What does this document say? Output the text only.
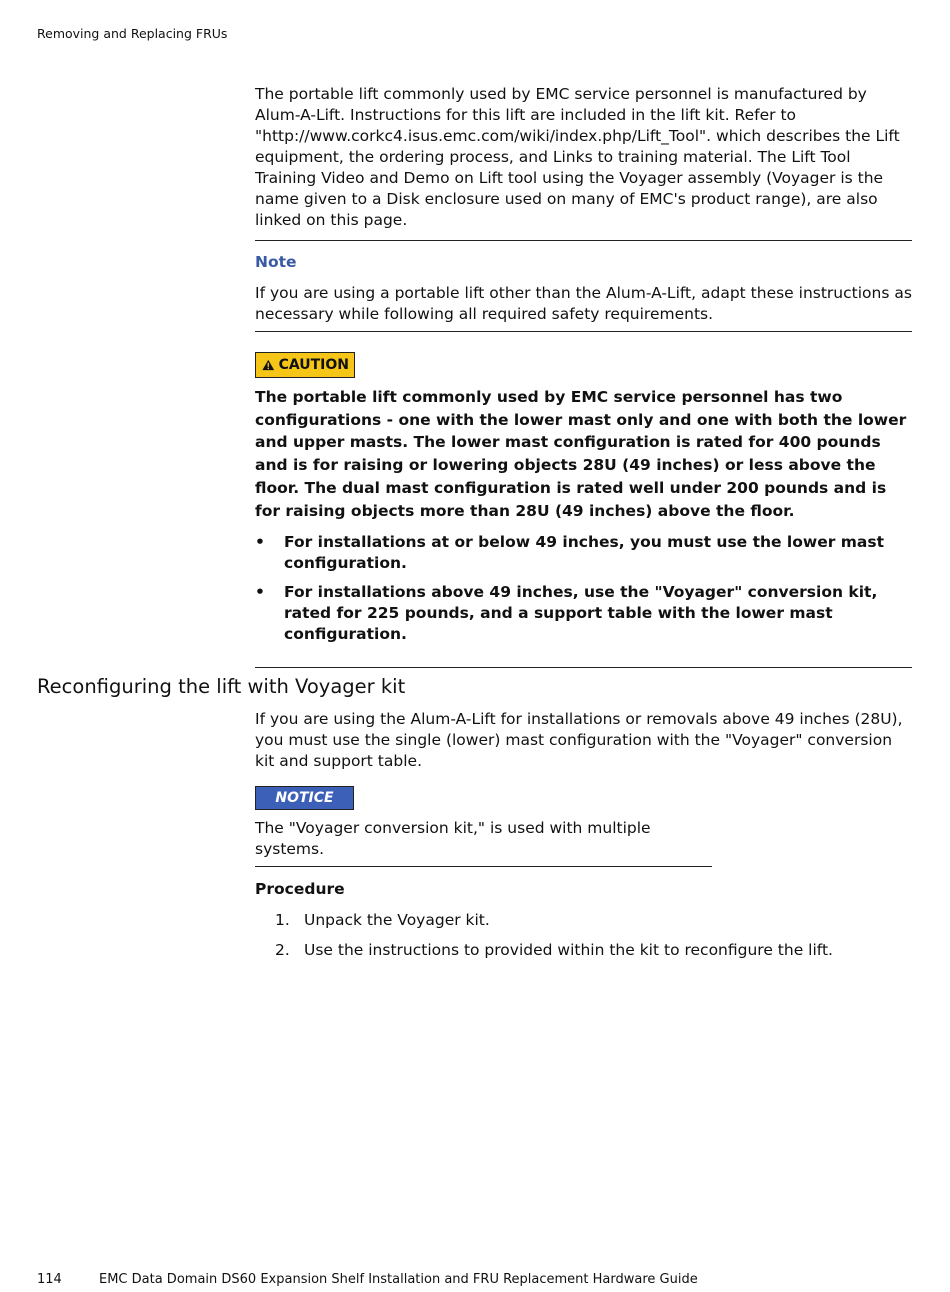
Removing and Replacing FRUs

The portable lift commonly used by EMC service personnel is manufactured by Alum-A-Lift. Instructions for this lift are included in the lift kit. Refer to "http://www.corkc4.isus.emc.com/wiki/index.php/Lift_Tool". which describes the Lift equipment, the ordering process, and Links to training material. The Lift Tool Training Video and Demo on Lift tool using the Voyager assembly (Voyager is the name given to a Disk enclosure used on many of EMC's product range), are also linked on this page.

Note
If you are using a portable lift other than the Alum-A-Lift, adapt these instructions as necessary while following all required safety requirements.
CAUTION

The portable lift commonly used by EMC service personnel has two configurations - one with the lower mast only and one with both the lower and upper masts. The lower mast configuration is rated for 400 pounds and is for raising or lowering objects 28U (49 inches) or less above the floor. The dual mast configuration is rated well under 200 pounds and is for raising objects more than 28U (49 inches) above the floor.

• For installations at or below 49 inches, you must use the lower mast configuration.
• For installations above 49 inches, use the "Voyager" conversion kit, rated for 225 pounds, and a support table with the lower mast configuration.
Reconfiguring the lift with Voyager kit

If you are using the Alum-A-Lift for installations or removals above 49 inches (28U), you must use the single (lower) mast configuration with the "Voyager" conversion kit and support table.

NOTICE
The "Voyager conversion kit," is used with multiple systems.
Procedure
1. Unpack the Voyager kit.
2. Use the instructions to provided within the kit to reconfigure the lift.
114	EMC Data Domain DS60 Expansion Shelf Installation and FRU Replacement Hardware Guide
